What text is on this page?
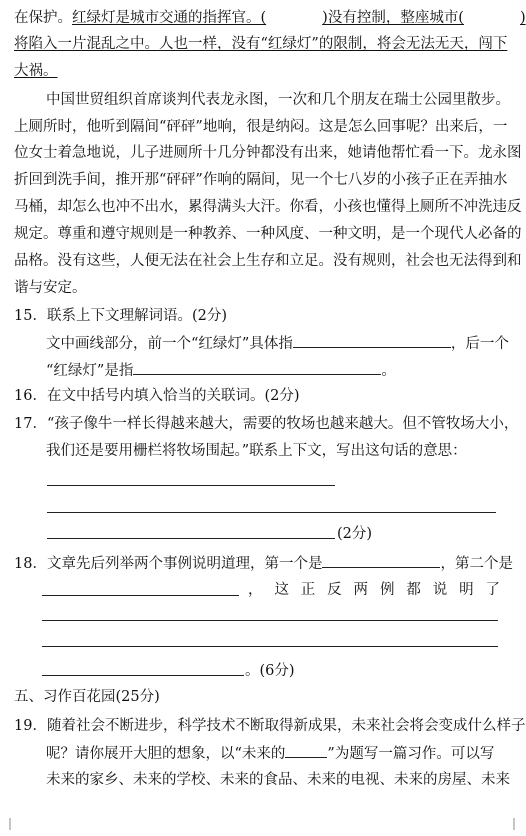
在保护。红绿灯是城市交通的指挥官。(	)没有控制，整座城市(	)
将陷入一片混乱之中。人也一样，没有“红绿灯”的限制，将会无法无天，闯下
大祸。
中国世贸组织首席谈判代表龙永图，一次和几个朋友在瑞士公园里散步。
上厕所时，他听到隔间“砰砰”地响，很是纳闷。这是怎么回事呢？出来后，一
位女士着急地说，儿子进厕所十几分钟都没有出来，她请他帮忙看一下。龙永图
折回到洗手间，推开那“砰砰”作响的隔间，见一个七八岁的小孩子正在弄抽水
马桶，却怎么也冲不出水，累得满头大汗。你看，小孩也懂得上厕所不冲洗违反
规定。尊重和遵守规则是一种教养、一种风度、一种文明，是一个现代人必备的
品格。没有这些，人便无法在社会上生存和立足。没有规则，社会也无法得到和
谐与安定。
15．联系上下文理解词语。(2分)
文中画线部分，前一个“红绿灯”具体指	，后一个
“红绿灯”是指	。
16．在文中括号内填入恰当的关联词。(2分)
17．“孩子像牛一样长得越来越大，需要的牧场也越来越大。但不管牧场大小，
我们还是要用栅栏将牧场围起。”联系上下文，写出这句话的意思：
(2分)
18．文章先后列举两个事例说明道理，第一个是	，第二个是
，这正反两例都说明了
。(6分)
五、习作百花园(25分)
19．随着社会不断进步，科学技术不断取得新成果，未来社会将会变成什么样子
呢？请你展开大胆的想象，以“未来的	”为题写一篇习作。可以写
未来的家乡、未来的学校、未来的食品、未来的电视、未来的房屋、未来
